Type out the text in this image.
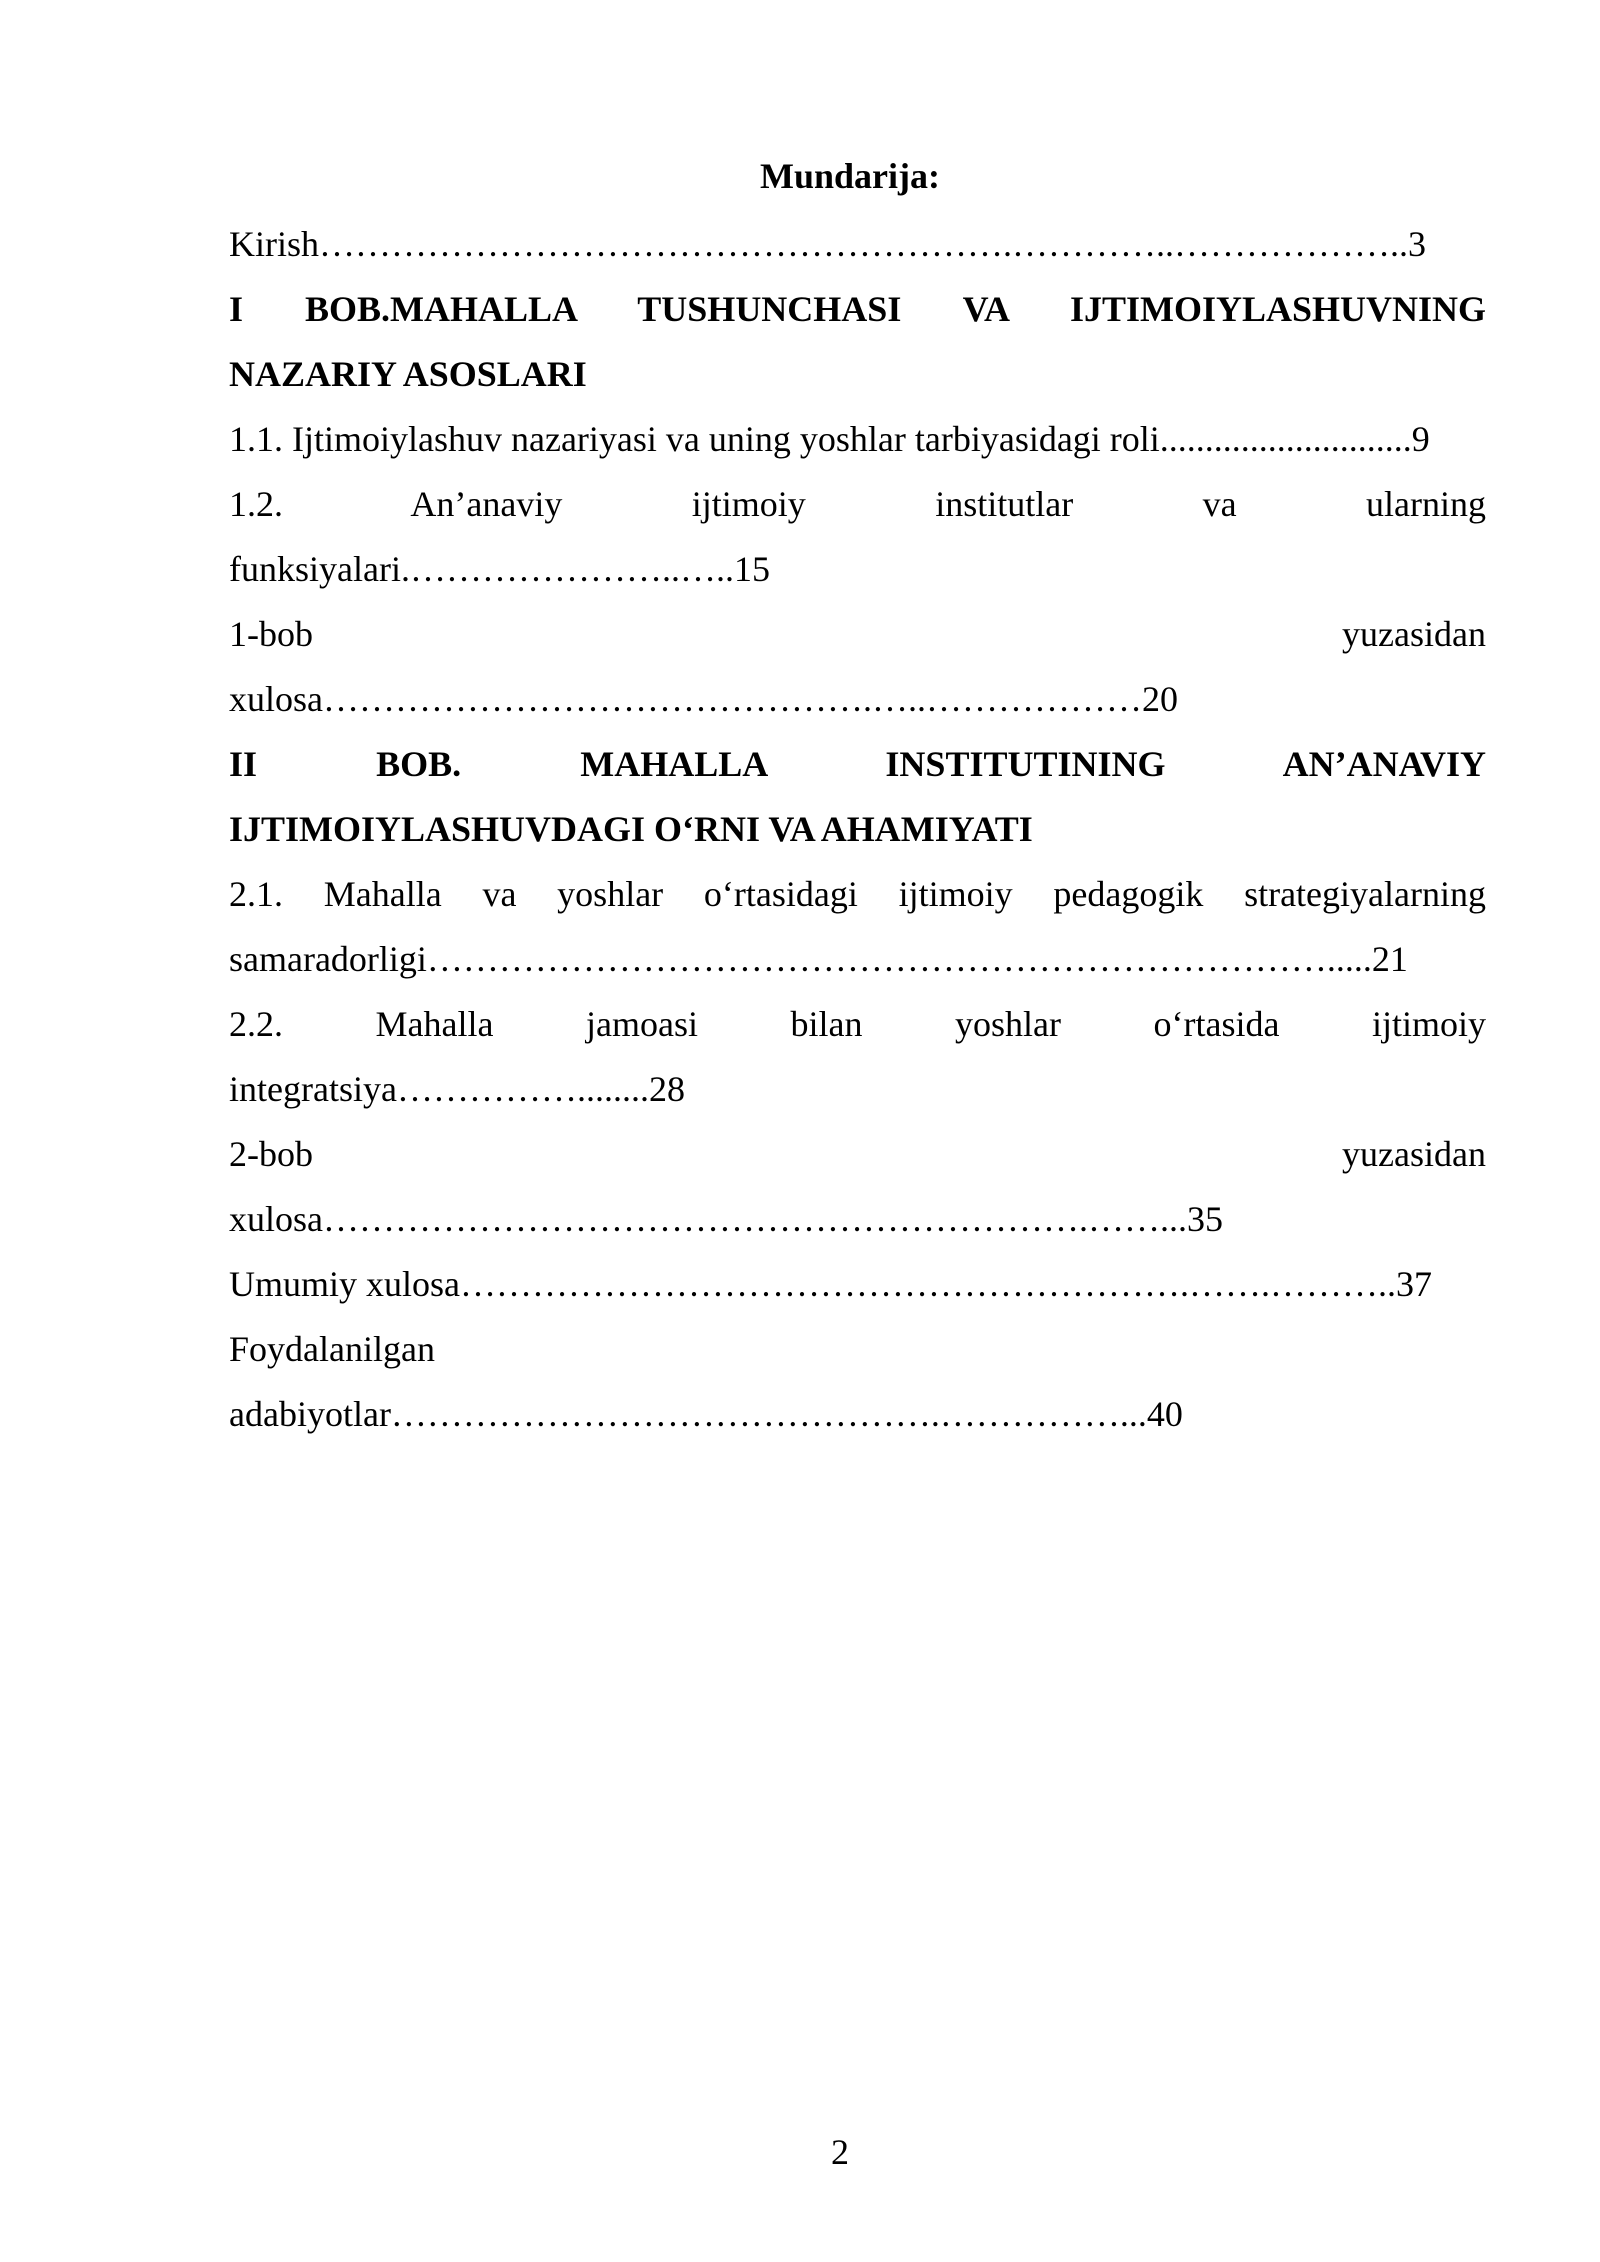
Mundarija:
Kirish………………………………………………….…………..………………..3
I BOB.MAHALLA TUSHUNCHASI VA IJTIMOIYLASHUVNING
NAZARIY ASOSLARI
1.1. Ijtimoiylashuv nazariyasi va uning yoshlar tarbiyasidagi roli............................9
1.2. An’anaviy ijtimoiy institutlar va ularning
funksiyalari.…………………..…..15
1-bob yuzasidan
xulosa……………………………………….…..………………20
II BOB. MAHALLA INSTITUTINING AN’ANAVIY
IJTIMOIYLASHUVDAGI O‘RNI VA AHAMIYATI
2.1. Mahalla va yoshlar o‘rtasidagi ijtimoiy pedagogik strategiyalarning
samaradorligi………………………………………………………………….....21
2.2. Mahalla jamoasi bilan yoshlar o‘rtasida ijtimoiy
integratsiya……………........28
2-bob yuzasidan
xulosa……………………………………………………….……...35
Umumiy xulosa…………………………………………………….…….………..37
Foydalanilgan
adabiyotlar……………………………………….……………...40
2
